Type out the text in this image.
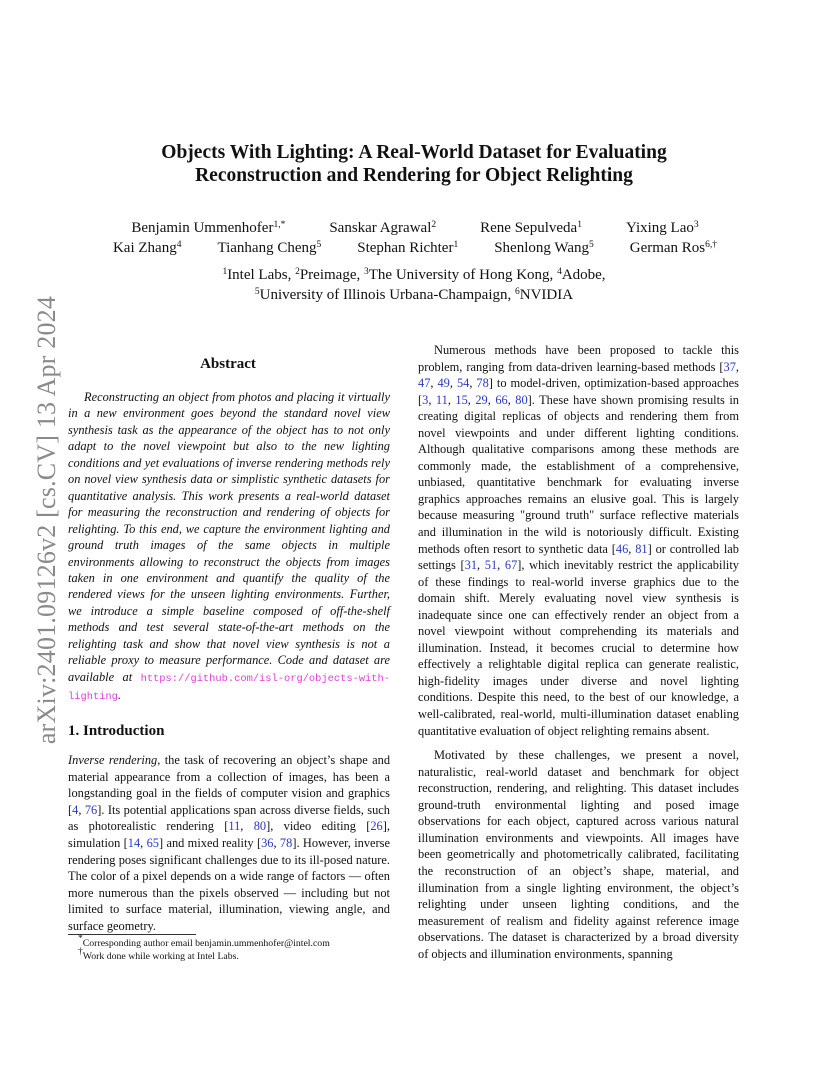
arXiv:2401.09126v2 [cs.CV] 13 Apr 2024
Objects With Lighting: A Real-World Dataset for Evaluating
Reconstruction and Rendering for Object Relighting
Benjamin Ummenhofer$^{1,*}$	Sanskar Agrawal$^2$	Rene Sepulveda$^1$	Yixing Lao$^3$
Kai Zhang$^4$ Tianhang Cheng$^5$ Stephan Richter$^1$ Shenlong Wang$^5$ German Ros$^{6,\dagger}$
$^1$Intel Labs, $^2$Preimage, $^3$The University of Hong Kong, $^4$Adobe,
$^5$University of Illinois Urbana-Champaign, $^6$NVIDIA
Abstract
Reconstructing an object from photos and placing it virtually in a new environment goes beyond the standard novel view synthesis task as the appearance of the object has to not only adapt to the novel viewpoint but also to the new lighting conditions and yet evaluations of inverse rendering methods rely on novel view synthesis data or simplistic synthetic datasets for quantitative analysis. This work presents a real-world dataset for measuring the reconstruction and rendering of objects for relighting. To this end, we capture the environment lighting and ground truth images of the same objects in multiple environments allowing to reconstruct the objects from images taken in one environment and quantify the quality of the rendered views for the unseen lighting environments. Further, we introduce a simple baseline composed of off-the-shelf methods and test several state-of-the-art methods on the relighting task and show that novel view synthesis is not a reliable proxy to measure performance. Code and dataset are available at https://github.com/isl-org/objects-with-lighting.
1. Introduction
Inverse rendering, the task of recovering an object’s shape and material appearance from a collection of images, has been a longstanding goal in the fields of computer vision and graphics [4, 76]. Its potential applications span across diverse fields, such as photorealistic rendering [11, 80], video editing [26], simulation [14, 65] and mixed reality [36, 78]. However, inverse rendering poses significant challenges due to its ill-posed nature. The color of a pixel depends on a wide range of factors — often more numerous than the pixels observed — including but not limited to surface material, illumination, viewing angle, and surface geometry.
*Corresponding author email benjamin.ummenhofer@intel.com
†Work done while working at Intel Labs.

Numerous methods have been proposed to tackle this problem, ranging from data-driven learning-based methods [37, 47, 49, 54, 78] to model-driven, optimization-based approaches [3, 11, 15, 29, 66, 80]. These have shown promising results in creating digital replicas of objects and rendering them from novel viewpoints and under different lighting conditions. Although qualitative comparisons among these methods are commonly made, the establishment of a comprehensive, unbiased, quantitative benchmark for evaluating inverse graphics approaches remains an elusive goal. This is largely because measuring "ground truth" surface reflective materials and illumination in the wild is notoriously difficult. Existing methods often resort to synthetic data [46, 81] or controlled lab settings [31, 51, 67], which inevitably restrict the applicability of these findings to real-world inverse graphics due to the domain shift. Merely evaluating novel view synthesis is inadequate since one can effectively render an object from a novel viewpoint without comprehending its materials and illumination. Instead, it becomes crucial to determine how effectively a relightable digital replica can generate realistic, high-fidelity images under diverse and novel lighting conditions. Despite this need, to the best of our knowledge, a well-calibrated, real-world, multi-illumination dataset enabling quantitative evaluation of object relighting remains absent.

Motivated by these challenges, we present a novel, naturalistic, real-world dataset and benchmark for object reconstruction, rendering, and relighting. This dataset includes ground-truth environmental lighting and posed image observations for each object, captured across various natural illumination environments and viewpoints. All images have been geometrically and photometrically calibrated, facilitating the reconstruction of an object’s shape, material, and illumination from a single lighting environment, the object’s relighting under unseen lighting conditions, and the measurement of realism and fidelity against reference image observations. The dataset is characterized by a broad diversity of objects and illumination environments, spanning
